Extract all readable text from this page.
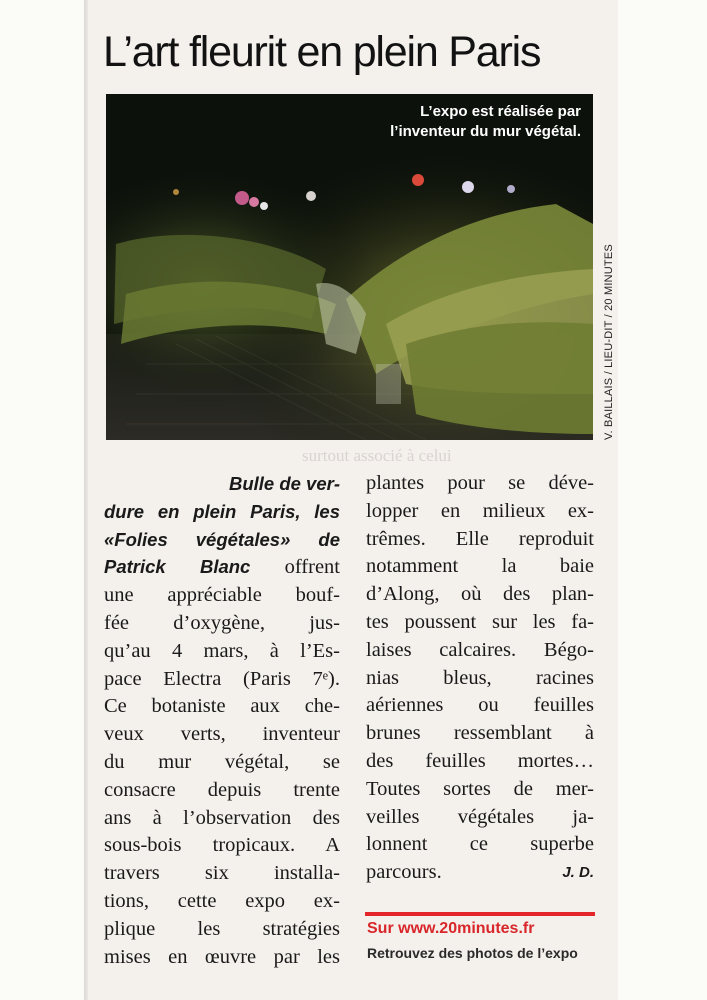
surtout associé à celui
L’art fleurit en plein Paris
L’expo est réalisée par
l’inventeur du mur végétal.
V. BAILLAIS / LIEU-DIT / 20 MINUTES
Bulle de ver-
dure en plein Paris, les
«Folies végétales» de
Patrick Blanc offrent
une appréciable bouf-
fée d’oxygène, jus-
qu’au 4 mars, à l’Es-
pace Electra (Paris 7ᵉ).
Ce botaniste aux che-
veux verts, inventeur
du mur végétal, se
consacre depuis trente
ans à l’observation des
sous-bois tropicaux. A
travers six installa-
tions, cette expo ex-
plique les stratégies
mises en œuvre par les
plantes pour se déve-
lopper en milieux ex-
trêmes. Elle reproduit
notamment la baie
d’Along, où des plan-
tes poussent sur les fa-
laises calcaires. Bégo-
nias bleus, racines
aériennes ou feuilles
brunes ressemblant à
des feuilles mortes…
Toutes sortes de mer-
veilles végétales ja-
lonnent ce superbe
parcours.	J. D.
Sur www.20minutes.fr
Retrouvez des photos de l’expo
